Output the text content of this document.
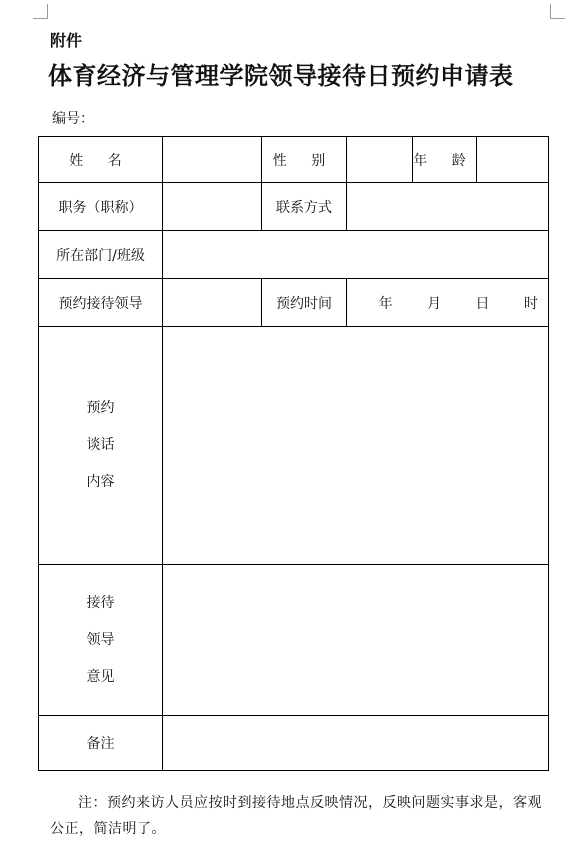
附件
体育经济与管理学院领导接待日预约申请表
编号：
姓 名		性 别		年 龄	
职务（职称）		联系方式			
所在部门/班级					
预约接待领导		预约时间	年 月 日 时		

预约
谈话
内容					

接待
领导
意见					

备注					
注：预约来访人员应按时到接待地点反映情况，反映问题实事求是，客观公正，简洁明了。
